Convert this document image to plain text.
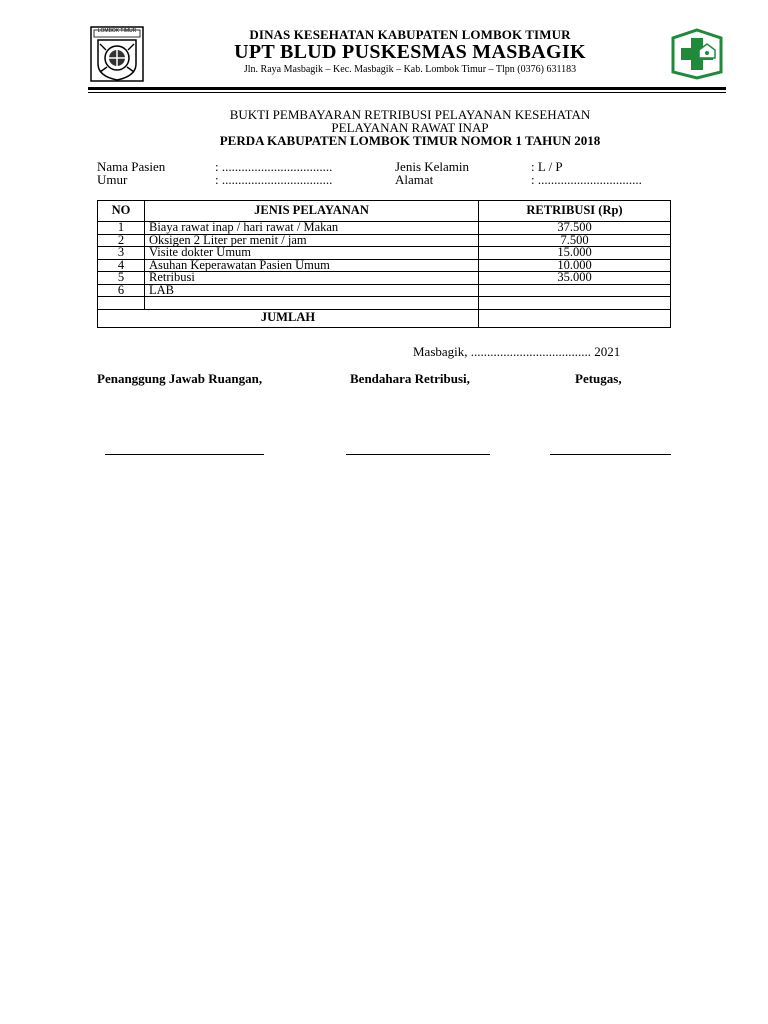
LOMBOK TIMUR	DINAS KESEHATAN KABUPATEN LOMBOK TIMUR
UPT BLUD PUSKESMAS MASBAGIK
Jln. Raya Masbagik – Kec. Masbagik – Kab. Lombok Timur – Tlpn (0376) 631183
BUKTI PEMBAYARAN RETRIBUSI PELAYANAN KESEHATAN
PELAYANAN RAWAT INAP
PERDA KABUPATEN LOMBOK TIMUR NOMOR 1 TAHUN 2018
Nama Pasien	: ..................................
Umur	: ..................................
Jenis Kelamin	: L / P
Alamat	: ................................
NO	JENIS PELAYANAN	RETRIBUSI (Rp)
1	Biaya rawat inap / hari rawat / Makan	37.500
2	Oksigen 2 Liter per menit / jam	7.500
3	Visite dokter Umum	15.000
4	Asuhan Keperawatan Pasien Umum	10.000
5	Retribusi	35.000
6	LAB	

JUMLAH		
Masbagik, ..................................... 2021
Penanggung Jawab Ruangan,	Bendahara Retribusi,	Petugas,
